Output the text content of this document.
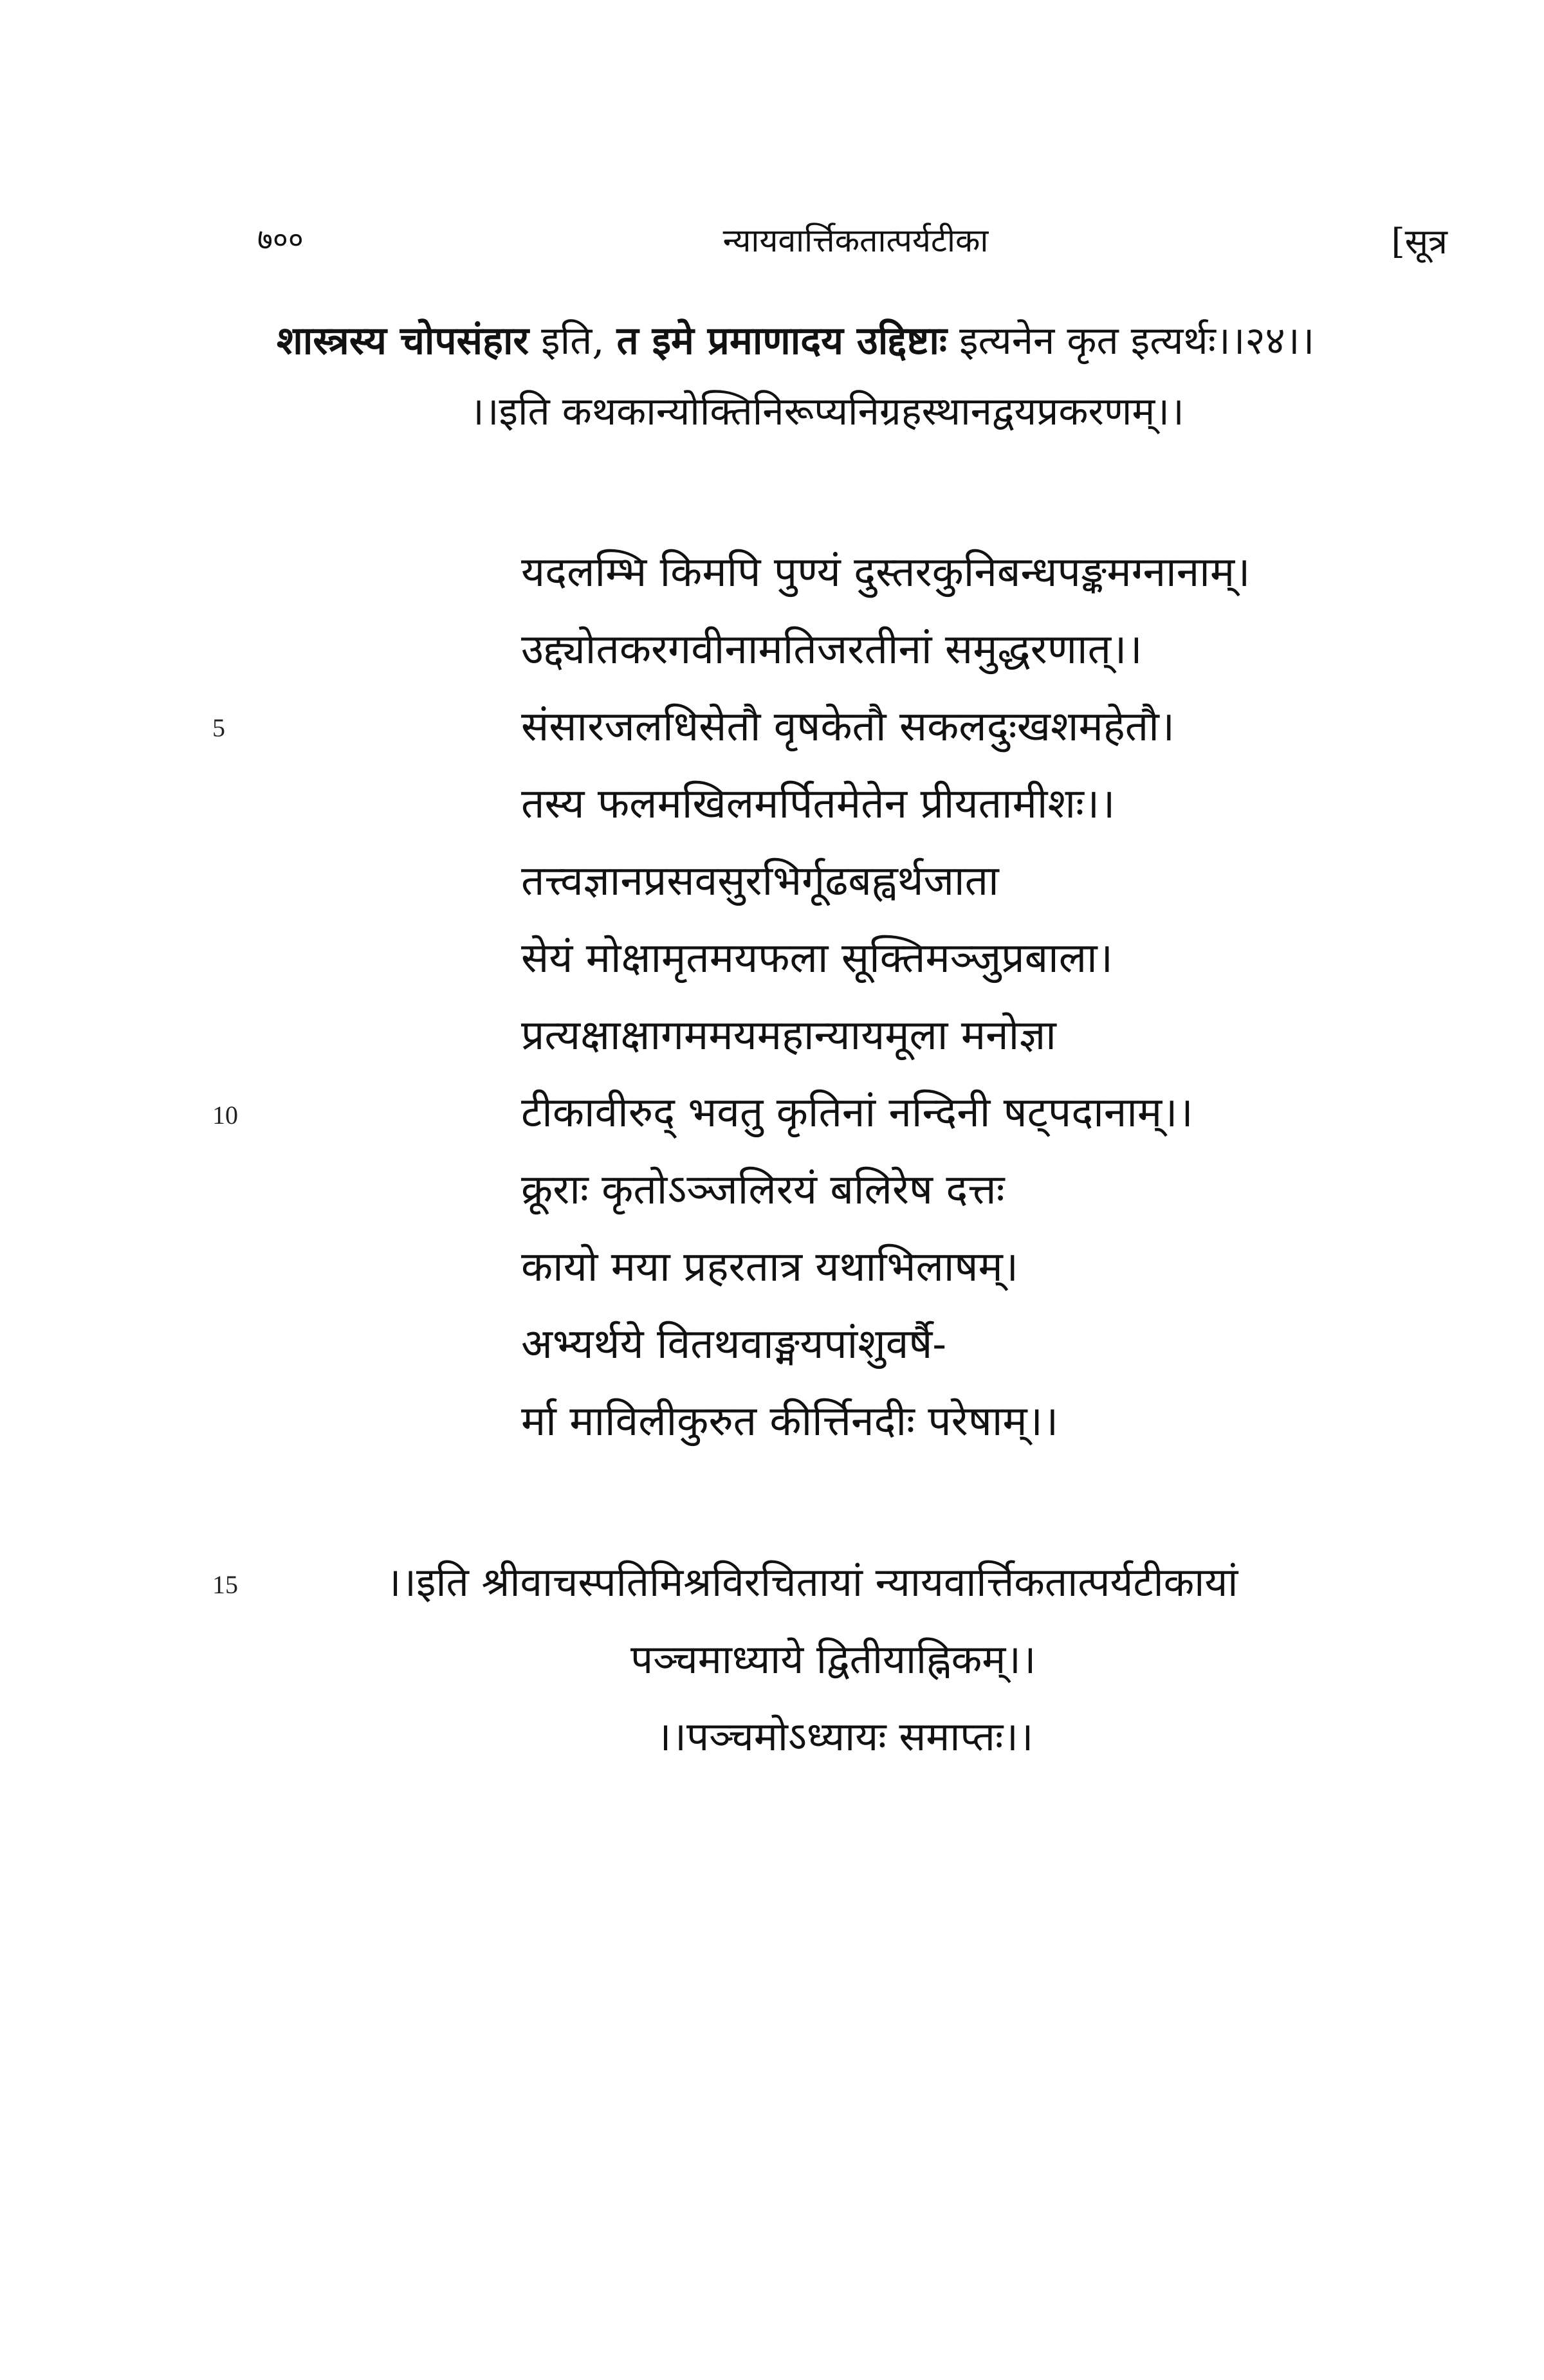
७००	न्यायवार्त्तिकतात्पर्यटीका	[सूत्र
शास्त्रस्य चोपसंहार इति, त इमे प्रमाणादय उद्दिष्टाः इत्यनेन कृत इत्यर्थः।।२४।।
।।इति कथकान्योक्तिनिरूप्यनिग्रहस्थानद्वयप्रकरणम्।।
यदलम्भि किमपि पुण्यं दुस्तरकुनिबन्धपङ्कमग्नानाम्।
उद्द्योतकरगवीनामतिजरतीनां समुद्धरणात्।।
संसारजलधिसेतौ वृषकेतौ सकलदुःखशमहेतौ।
तस्य फलमखिलमर्पितमेतेन प्रीयतामीशः।।
तत्त्वज्ञानप्रसवसुरभिर्गूढबह्वर्थजाता
सेयं मोक्षामृतमयफला सूक्तिमञ्जुप्रबाला।
प्रत्यक्षाक्षागममयमहान्यायमूला मनोज्ञा
टीकावीरुद् भवतु कृतिनां नन्दिनी षट्पदानाम्।।
क्रूराः कृतोऽञ्जलिरयं बलिरेष दत्तः
कायो मया प्रहरतात्र यथाभिलाषम्।
अभ्यर्थये वितथवाङ्मयपांशुवर्षै-
र्मा माविलीकुरुत कीर्त्तिनदीः परेषाम्।।
।।इति श्रीवाचस्पतिमिश्रविरचितायां न्यायवार्त्तिकतात्पर्यटीकायां
पञ्चमाध्याये द्वितीयाह्निकम्।।
।।पञ्चमोऽध्यायः समाप्तः।।
5
10
15
